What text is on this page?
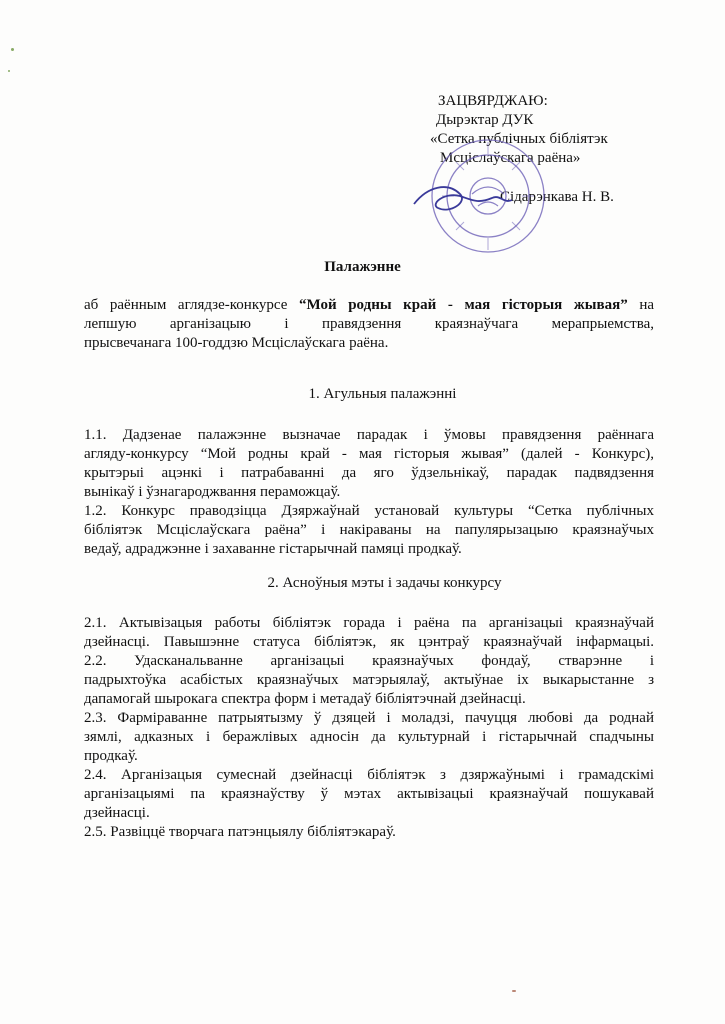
ЗАЦВЯРДЖАЮ:
Дырэктар ДУК
«Сетка публічных бібліятэк
Мсціслаўскага раёна»
Сідарэнкава Н. В.
Палажэнне
аб раённым аглядзе-конкурсе “Мой родны край - мая гісторыя жывая” на
лепшую арганізацыю і правядзення краязнаўчага мерапрыемства,
прысвечанага 100-годдзю Мсціслаўскага раёна.
1. Агульныя палажэнні
1.1. Дадзенае палажэнне вызначае парадак і ўмовы правядзення раённага
агляду-конкурсу “Мой родны край - мая гісторыя жывая” (далей - Конкурс),
крытэрыі ацэнкі і патрабаванні да яго ўдзельнікаў, парадак падвядзення
вынікаў і ўзнагароджвання пераможцаў.
1.2. Конкурс праводзіцца Дзяржаўнай установай культуры “Сетка публічных
бібліятэк Мсціслаўскага раёна” і накіраваны на папулярызацыю краязнаўчых
ведаў, адраджэнне і захаванне гістарычнай памяці продкаў.
2. Асноўныя мэты і задачы конкурсу
2.1. Актывізацыя работы бібліятэк горада і раёна па арганізацыі краязнаўчай
дзейнасці. Павышэнне статуса бібліятэк, як цэнтраў краязнаўчай інфармацыі.
2.2. Удасканальванне арганізацыі краязнаўчых фондаў, стварэнне і
падрыхтоўка асабістых краязнаўчых матэрыялаў, актыўнае іх выкарыстанне з
дапамогай шырокага спектра форм і метадаў бібліятэчнай дзейнасці.
2.3. Фарміраванне патрыятызму ў дзяцей і моладзі, пачуцця любові да роднай
зямлі, адказных і беражлівых адносін да культурнай і гістарычнай спадчыны
продкаў.
2.4. Арганізацыя сумеснай дзейнасці бібліятэк з дзяржаўнымі і грамадскімі
арганізацыямі па краязнаўству ў мэтах актывізацыі краязнаўчай пошукавай
дзейнасці.
2.5. Развіццё творчага патэнцыялу бібліятэкараў.
